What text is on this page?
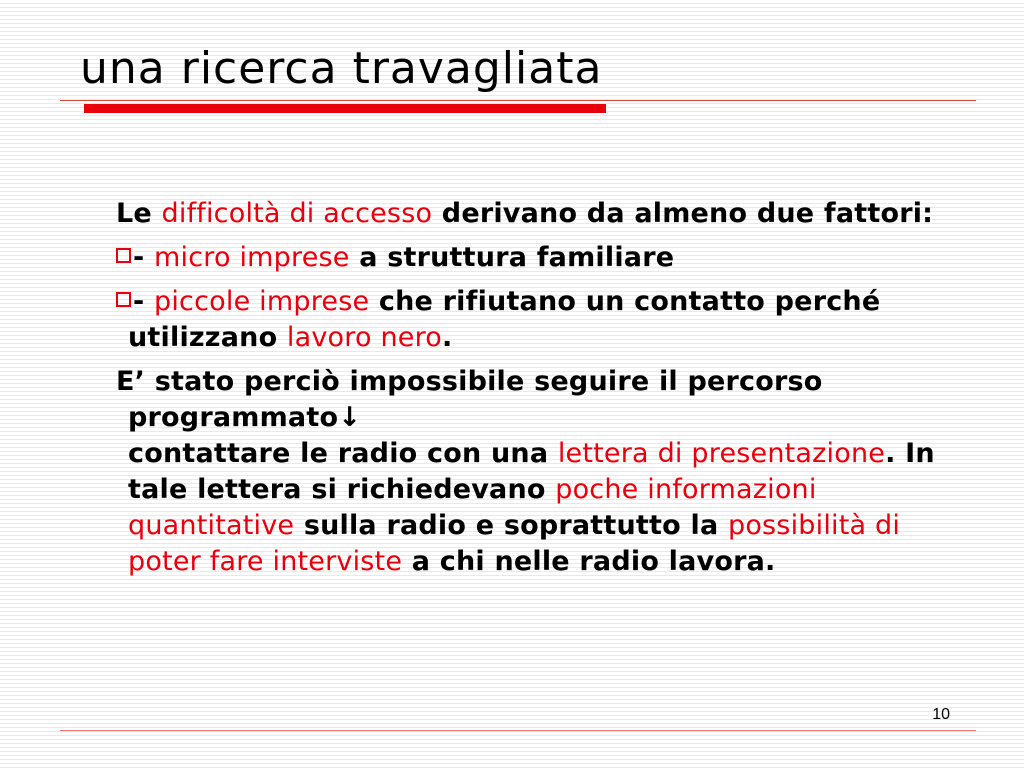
una ricerca travagliata

Le difficoltà di accesso derivano da almeno due fattori:

- micro imprese a struttura familiare

- piccole imprese che rifiutano un contatto perché utilizzano lavoro nero.

E’ stato perciò impossibile seguire il percorso programmato↓

contattare le radio con una lettera di presentazione. In tale lettera si richiedevano poche informazioni quantitative sulla radio e soprattutto la possibilità di poter fare interviste a chi nelle radio lavora.

10
